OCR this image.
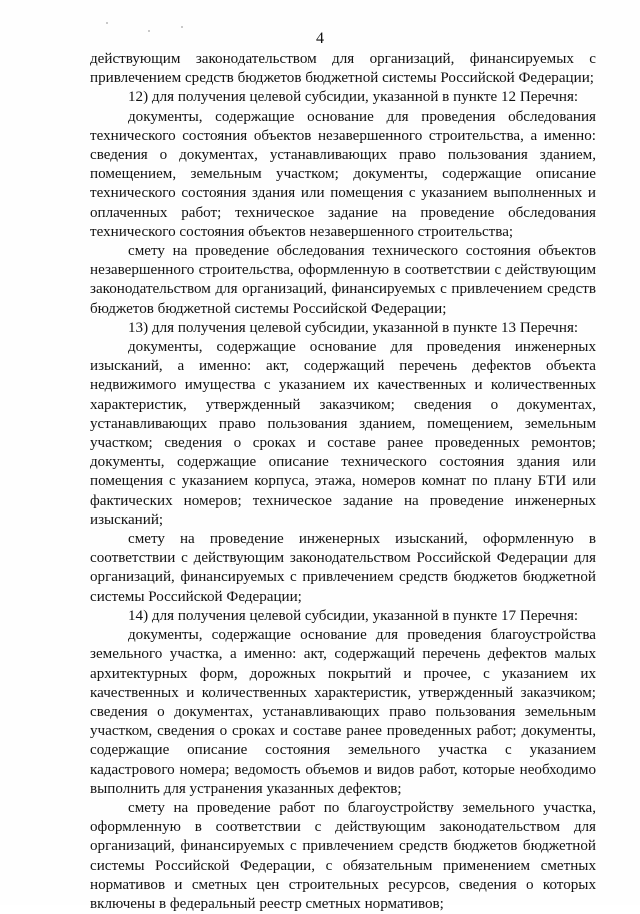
4

действующим законодательством для организаций, финансируемых с привлечением средств бюджетов бюджетной системы Российской Федерации;

12) для получения целевой субсидии, указанной в пункте 12 Перечня:

документы, содержащие основание для проведения обследования технического состояния объектов незавершенного строительства, а именно: сведения о документах, устанавливающих право пользования зданием, помещением, земельным участком; документы, содержащие описание технического состояния здания или помещения с указанием выполненных и оплаченных работ; техническое задание на проведение обследования технического состояния объектов незавершенного строительства;

смету на проведение обследования технического состояния объектов незавершенного строительства, оформленную в соответствии с действующим законодательством для организаций, финансируемых с привлечением средств бюджетов бюджетной системы Российской Федерации;

13) для получения целевой субсидии, указанной в пункте 13 Перечня:

документы, содержащие основание для проведения инженерных изысканий, а именно: акт, содержащий перечень дефектов объекта недвижимого имущества с указанием их качественных и количественных характеристик, утвержденный заказчиком; сведения о документах, устанавливающих право пользования зданием, помещением, земельным участком; сведения о сроках и составе ранее проведенных ремонтов; документы, содержащие описание технического состояния здания или помещения с указанием корпуса, этажа, номеров комнат по плану БТИ или фактических номеров; техническое задание на проведение инженерных изысканий;

смету на проведение инженерных изысканий, оформленную в соответствии с действующим законодательством Российской Федерации для организаций, финансируемых с привлечением средств бюджетов бюджетной системы Российской Федерации;

14) для получения целевой субсидии, указанной в пункте 17 Перечня:

документы, содержащие основание для проведения благоустройства земельного участка, а именно: акт, содержащий перечень дефектов малых архитектурных форм, дорожных покрытий и прочее, с указанием их качественных и количественных характеристик, утвержденный заказчиком; сведения о документах, устанавливающих право пользования земельным участком, сведения о сроках и составе ранее проведенных работ; документы, содержащие описание состояния земельного участка с указанием кадастрового номера; ведомость объемов и видов работ, которые необходимо выполнить для устранения указанных дефектов;

смету на проведение работ по благоустройству земельного участка, оформленную в соответствии с действующим законодательством для организаций, финансируемых с привлечением средств бюджетов бюджетной системы Российской Федерации, с обязательным применением сметных нормативов и сметных цен строительных ресурсов, сведения о которых включены в федеральный реестр сметных нормативов;
